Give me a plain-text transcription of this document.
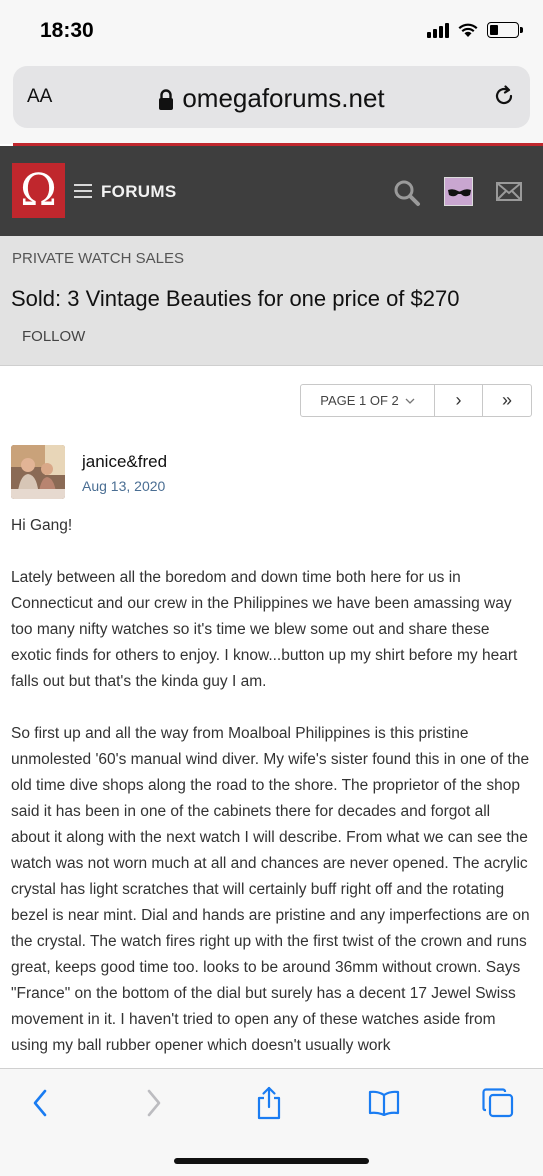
18:30
AA	omegaforums.net
Ω	FORUMS
PRIVATE WATCH SALES
Sold: 3 Vintage Beauties for one price of $270
FOLLOW
PAGE 1 OF 2	› »
janice&fred
Aug 13, 2020

Hi Gang!

Lately between all the boredom and down time both here for us in Connecticut and our crew in the Philippines we have been amassing way too many nifty watches so it's time we blew some out and share these exotic finds for others to enjoy. I know...button up my shirt before my heart falls out but that's the kinda guy I am.

So first up and all the way from Moalboal Philippines is this pristine unmolested '60's manual wind diver. My wife's sister found this in one of the old time dive shops along the road to the shore. The proprietor of the shop said it has been in one of the cabinets there for decades and forgot all about it along with the next watch I will describe. From what we can see the watch was not worn much at all and chances are never opened. The acrylic crystal has light scratches that will certainly buff right off and the rotating bezel is near mint. Dial and hands are pristine and any imperfections are on the crystal. The watch fires right up with the first twist of the crown and runs great, keeps good time too. looks to be around 36mm without crown. Says "France" on the bottom of the dial but surely has a decent 17 Jewel Swiss movement in it. I haven't tried to open any of these watches aside from using my ball rubber opener which doesn't usually work
